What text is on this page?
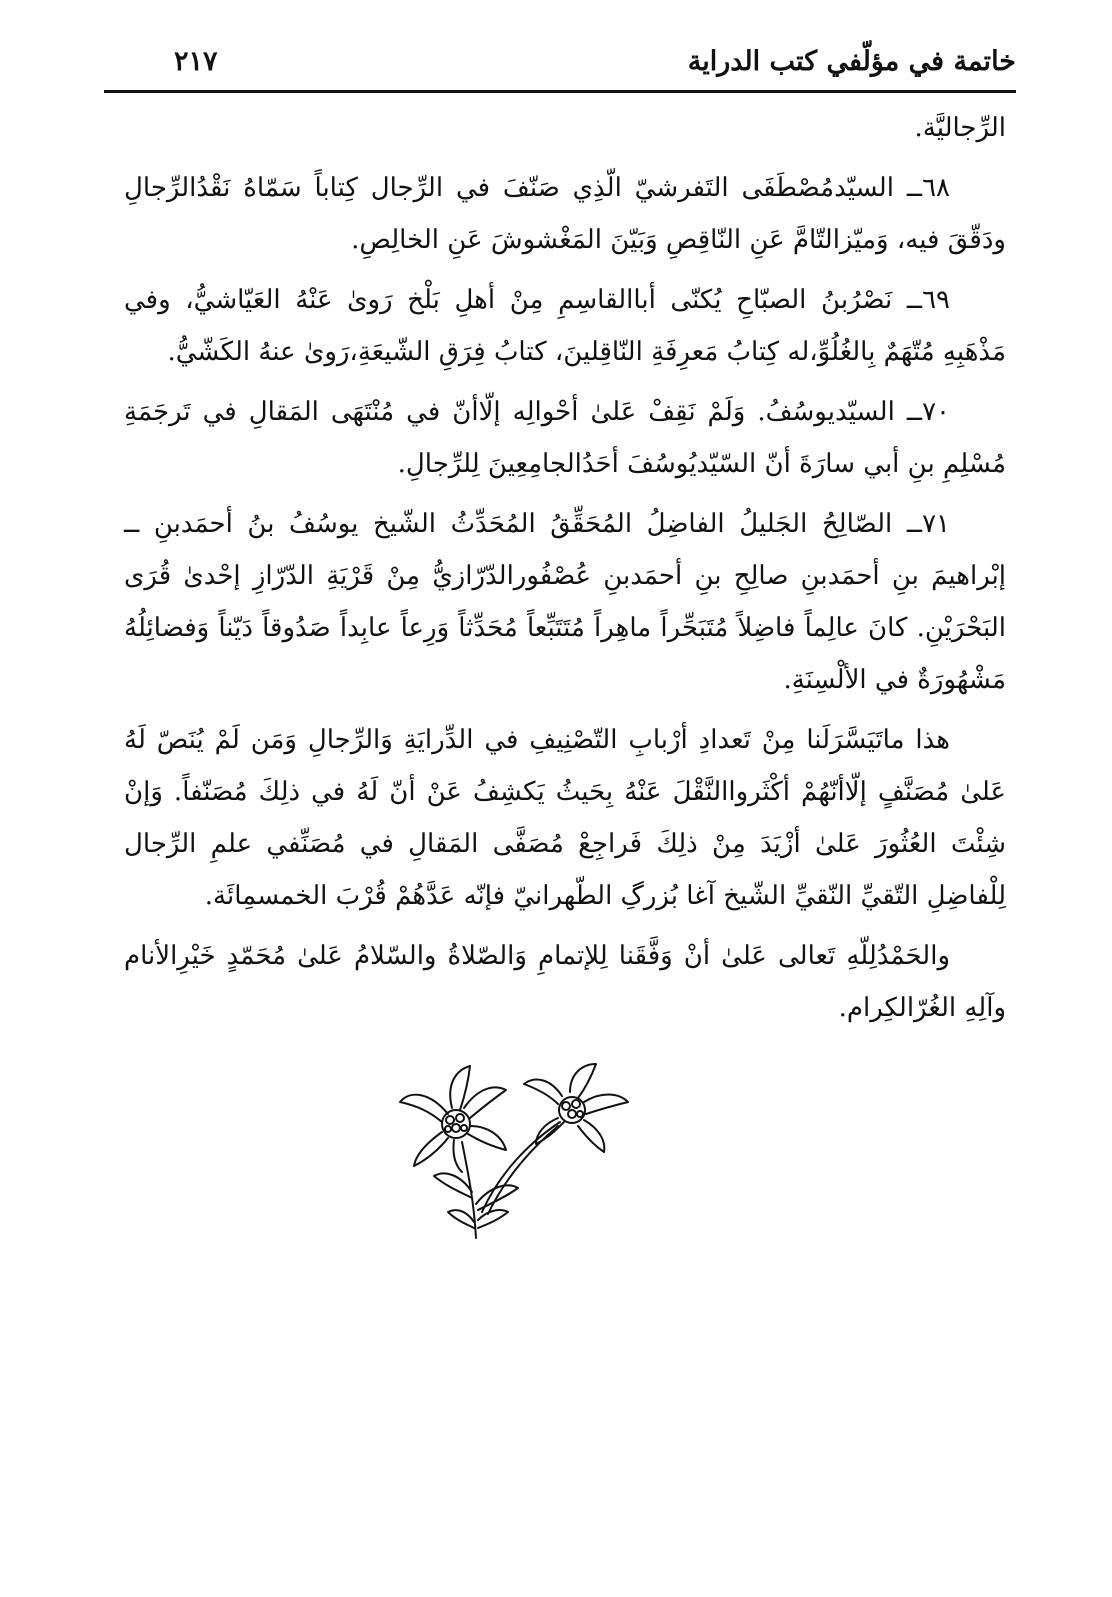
خاتمة في مؤلّفي كتب الدراية
٢١٧

الرِّجاليَّة.

٦٨ــ السيّدمُصْطَفَى التَفرشيّ الّذِي صَنّفَ في الرِّجال كِتاباً سَمّاهُ نَقْدُالرِّجالِ ودَقّقَ فيه، وَميّزالتّامَّ عَنِ النّاقِصِ وَبَيّنَ المَغْشوشَ عَنِ الخالِصِ.

٦٩ــ نَصْرُبنُ الصبّاحِ يُكنّى أباالقاسِمِ مِنْ أهلِ بَلْخ رَوىٰ عَنْهُ العَيّاشيُّ، وفي مَذْهَبِهِ مُتّهَمٌ بِالغُلُوِّ،له كِتابُ مَعرِفَةِ النّاقِلينَ، كتابُ فِرَقِ الشّيعَةِ،رَوىٰ عنهُ الكَشّيُّ.

٧٠ــ السيّديوسُفُ. وَلَمْ نَقِفْ عَلىٰ أحْوالِه إلّاأنّ في مُنْتَهَى المَقالِ في تَرجَمَةِ مُسْلِمِ بنِ أبي سارَةَ أنّ السّيّديُوسُفَ أحَدُالجامِعِينَ لِلرِّجالِ.

٧١ــ الصّالِحُ الجَليلُ الفاضِلُ المُحَقِّقُ المُحَدِّثُ الشّيخ يوسُفُ بنُ أحمَدبنِ ــ إبْراهيمَ بنِ أحمَدبنِ صالِحِ بنِ أحمَدبنِ عُصْفُورالدّرّازيُّ مِنْ قَرْيَةِ الدّرّازِ إحْدىٰ قُرَى البَحْرَيْنِ. كانَ عالِماً فاضِلاً مُتَبَحِّراً ماهِراً مُتَتَبِّعاً مُحَدِّثاً وَرِعاً عابِداً صَدُوقاً دَيّناً وَفضائِلُهُ مَشْهُورَةٌ في الألْسِنَةِ.

هذا ماتَيَسَّرَلَنا مِنْ تَعدادِ أرْبابِ التّصْنِيفِ في الدِّرايَةِ وَالرِّجالِ وَمَن لَمْ يُنَصّ لَهُ عَلىٰ مُصَنَّفٍ إلّاأنّهُمْ أكْثَرواالنَّقْلَ عَنْهُ بِحَيثُ يَكشِفُ عَنْ أنّ لَهُ في ذلِكَ مُصَنّفاً. وَإنْ شِئْتَ العُثُورَ عَلىٰ أزْيَدَ مِنْ ذلِكَ فَراجِعْ مُصَفَّى المَقالِ في مُصَنِّفي علمِ الرِّجال لِلْفاضِلِ التّقيِّ النّقيِّ الشّيخ آغا بُزرگِ الطّهرانيّ فإنّه عَدَّهُمْ قُرْبَ الخمسمِائَة.

والحَمْدُلِلّهِ تَعالى عَلىٰ أنْ وَفَّقَنا لِلإتمامِ وَالصّلاةُ والسّلامُ عَلىٰ مُحَمّدٍ خَيْرِالأنام وآلِهِ الغُرّالكِرام.
